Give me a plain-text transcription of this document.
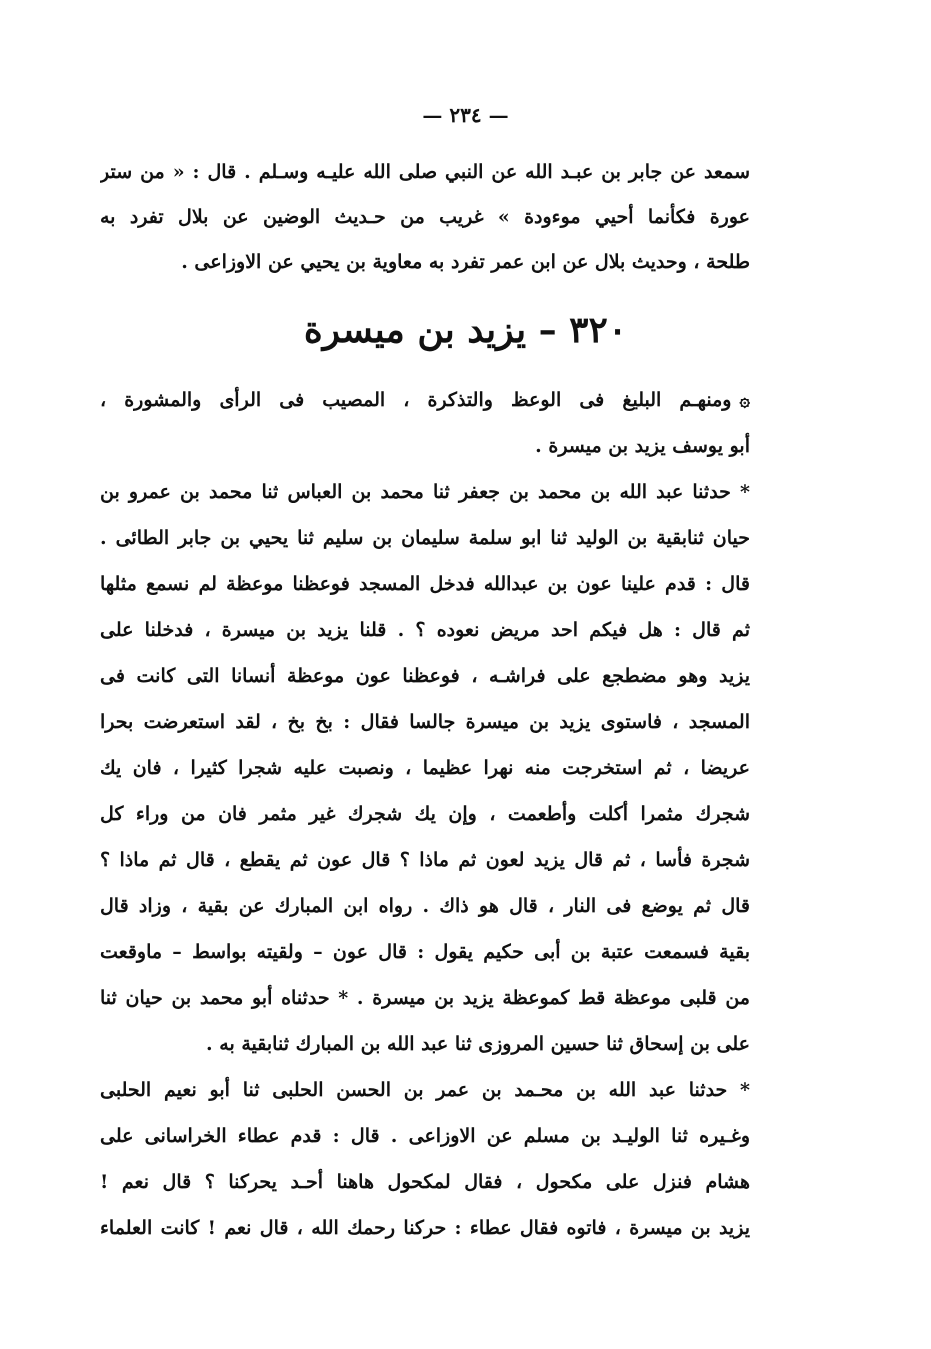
— ٢٣٤ —
سمعد عن جابر بن عبـد الله عن النبي صلى الله عليـه وسـلم . قال : « من ستر
عورة فكأنما أحيي موءودة » غريب من حـديث الوضين عن بلال تفرد به
طلحة ، وحديث بلال عن ابن عمر تفرد به معاوية بن يحيي عن الاوزاعى .
٣٢٠ – يزيد بن ميسرة
۞ومنهـم البليغ فى الوعظ والتذكرة ، المصيب فى الرأى والمشورة ،
أبو يوسف يزيد بن ميسرة .
* حدثنا عبد الله بن محمد بن جعفر ثنا محمد بن العباس ثنا محمد بن عمرو بن
حيان ثنابقية بن الوليد ثنا ابو سلمة سليمان بن سليم ثنا يحيي بن جابر الطائى .
قال : قدم علينا عون بن عبدالله فدخل المسجد فوعظنا موعظة لم نسمع مثلها
ثم قال : هل فيكم احد مريض نعوده ؟ . قلنا يزيد بن ميسرة ، فدخلنا على
يزيد وهو مضطجع على فراشـه ، فوعظنا عون موعظة أنسانا التى كانت فى
المسجد ، فاستوى يزيد بن ميسرة جالسا فقال : بخ بخ ، لقد استعرضت بحرا
عريضا ، ثم استخرجت منه نهرا عظيما ، ونصبت عليه شجرا كثيرا ، فان يك
شجرك مثمرا أكلت وأطعمت ، وإن يك شجرك غير مثمر فان من وراء كل
شجرة فأسا ، ثم قال يزيد لعون ثم ماذا ؟ قال عون ثم يقطع ، قال ثم ماذا ؟
قال ثم يوضع فى النار ، قال هو ذاك . رواه ابن المبارك عن بقية ، وزاد قال
بقية فسمعت عتبة بن أبى حكيم يقول : قال عون – ولقيته بواسط – ماوقعت
من قلبى موعظة قط كموعظة يزيد بن ميسرة . * حدثناه أبو محمد بن حيان ثنا
على بن إسحاق ثنا حسين المروزى ثنا عبد الله بن المبارك ثنابقية به .
* حدثنا عبد الله بن محـمد بن عمر بن الحسن الحلبى ثنا أبو نعيم الحلبى
وغـيره ثنا الوليـد بن مسلم عن الاوزاعى . قال : قدم عطاء الخراسانى على
هشام فنزل على مكحول ، فقال لمكحول هاهنا أحـد يحركنا ؟ قال نعم !
يزيد بن ميسرة ، فاتوه فقال عطاء : حركنا رحمك الله ، قال نعم ! كانت العلماء
